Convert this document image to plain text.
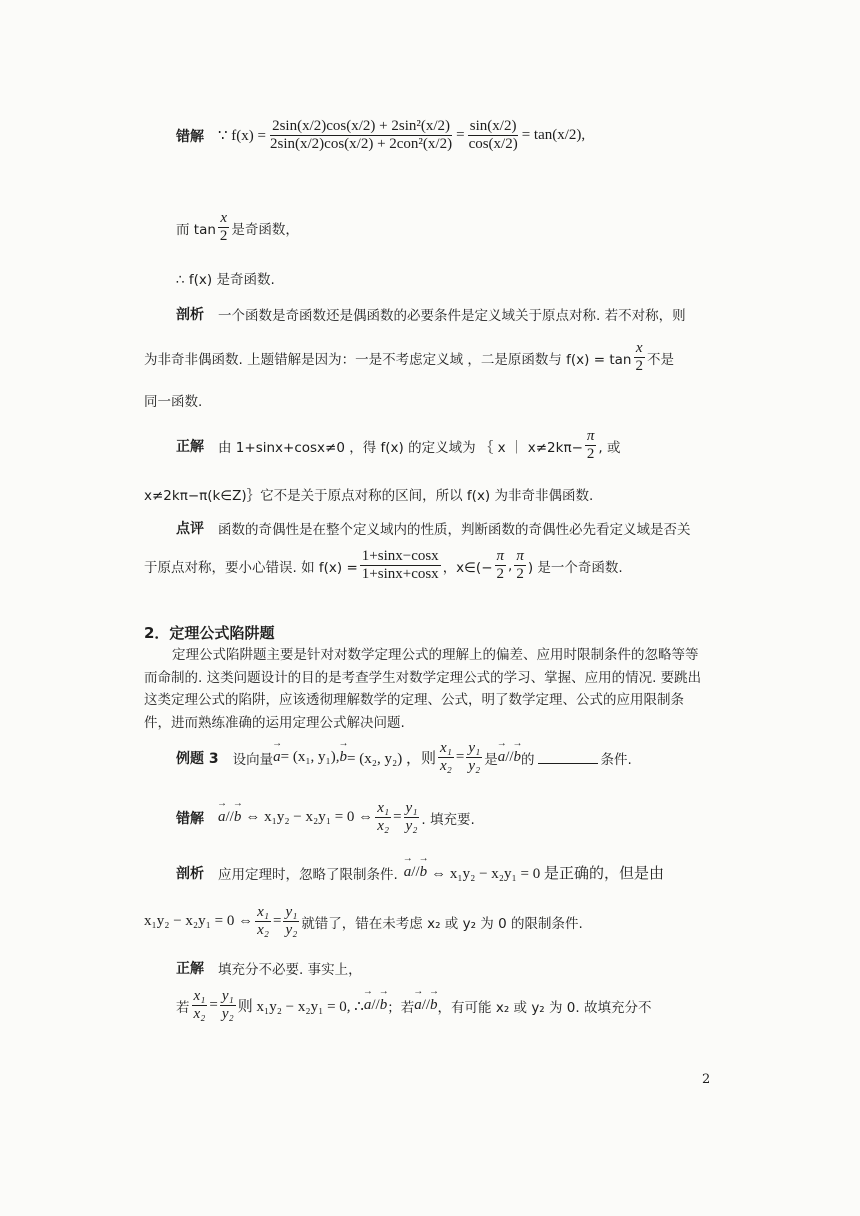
错解 ∵ $f(x) = \frac{\text{2sin(x/2)cos(x/2) + 2sin²(x/2)}}{\text{2sin(x/2)cos(x/2) + 2con²(x/2)}} = \frac{\sin(x/2)}{\cos(x/2)} = \tan(x/2)$,
而 $\tan \frac{x}{2}$ 是奇函数，
∴ f(x) 是奇函数.
剖析 一个函数是奇函数还是偶函数的必要条件是定义域关于原点对称. 若不对称，则
为非奇非偶函数. 上题错解是因为：一是不考虑定义域 ，二是原函数与 $f(x) = \tan \frac{x}{2}$ 不是
同一函数.
正解 由 1+sinx+cosx≠0 ，得 f(x) 的定义域为 ｛ x ｜ $x\ne 2k\pi- \frac{\pi}{2}$ , 或
x≠2kπ−π(k∈Z)｝它不是关于原点对称的区间，所以 f(x) 为非奇非偶函数.
点评 函数的奇偶性是在整个定义域内的性质，判断函数的奇偶性必先看定义域是否关
于原点对称，要小心错误. 如 $f(x) = \frac{1+\sin x-\cos x}{1+\sin x+\cos x}$ ，x∈(− $\frac{\pi}{2}$ , $\frac{\pi}{2}$ ) 是一个奇函数.
2．定理公式陷阱题
定理公式陷阱题主要是针对对数学定理公式的理解上的偏差、应用时限制条件的忽略等等而命制的. 这类问题设计的目的是考查学生对数学定理公式的学习、掌握、应用的情况. 要跳出这类定理公式的陷阱，应该透彻理解数学的定理、公式，明了数学定理、公式的应用限制条件，进而熟练准确的运用定理公式解决问题.
例题 3 设向量 → a = (x₁, y₁), → b = (x₂, y₂) ，则 $\frac{\text{x₁}}{\text{x₂}} = \frac{\text{y₁}}{\text{y₂}}$ 是 → a // → b 的	条件.
错解 → a // → b ⇔ x₁y₂ − x₂y₁ = 0 ⇔ $\frac{\text{x₁}}{\text{x₂}} = \frac{\text{y₁}}{\text{y₂}}$ . 填充要.
剖析 应用定理时，忽略了限制条件. → a // → b ⇔ x₁y₂ − x₂y₁ = 0 是正确的，但是由
x₁y₂ − x₂y₁ = 0 ⇔ $\frac{\text{x₁}}{\text{x₂}} = \frac{\text{y₁}}{\text{y₂}}$ 就错了，错在未考虑 x₂ 或 y₂ 为 0 的限制条件.
正解 填充分不必要. 事实上，
若 $\frac{\text{x₁}}{\text{x₂}} = \frac{\text{y₁}}{\text{y₂}}$ 则 x₁y₂ − x₂y₁ = 0, ∴ → a // → b ；若 → a // → b ，有可能 x₂ 或 y₂ 为 0. 故填充分不
2
